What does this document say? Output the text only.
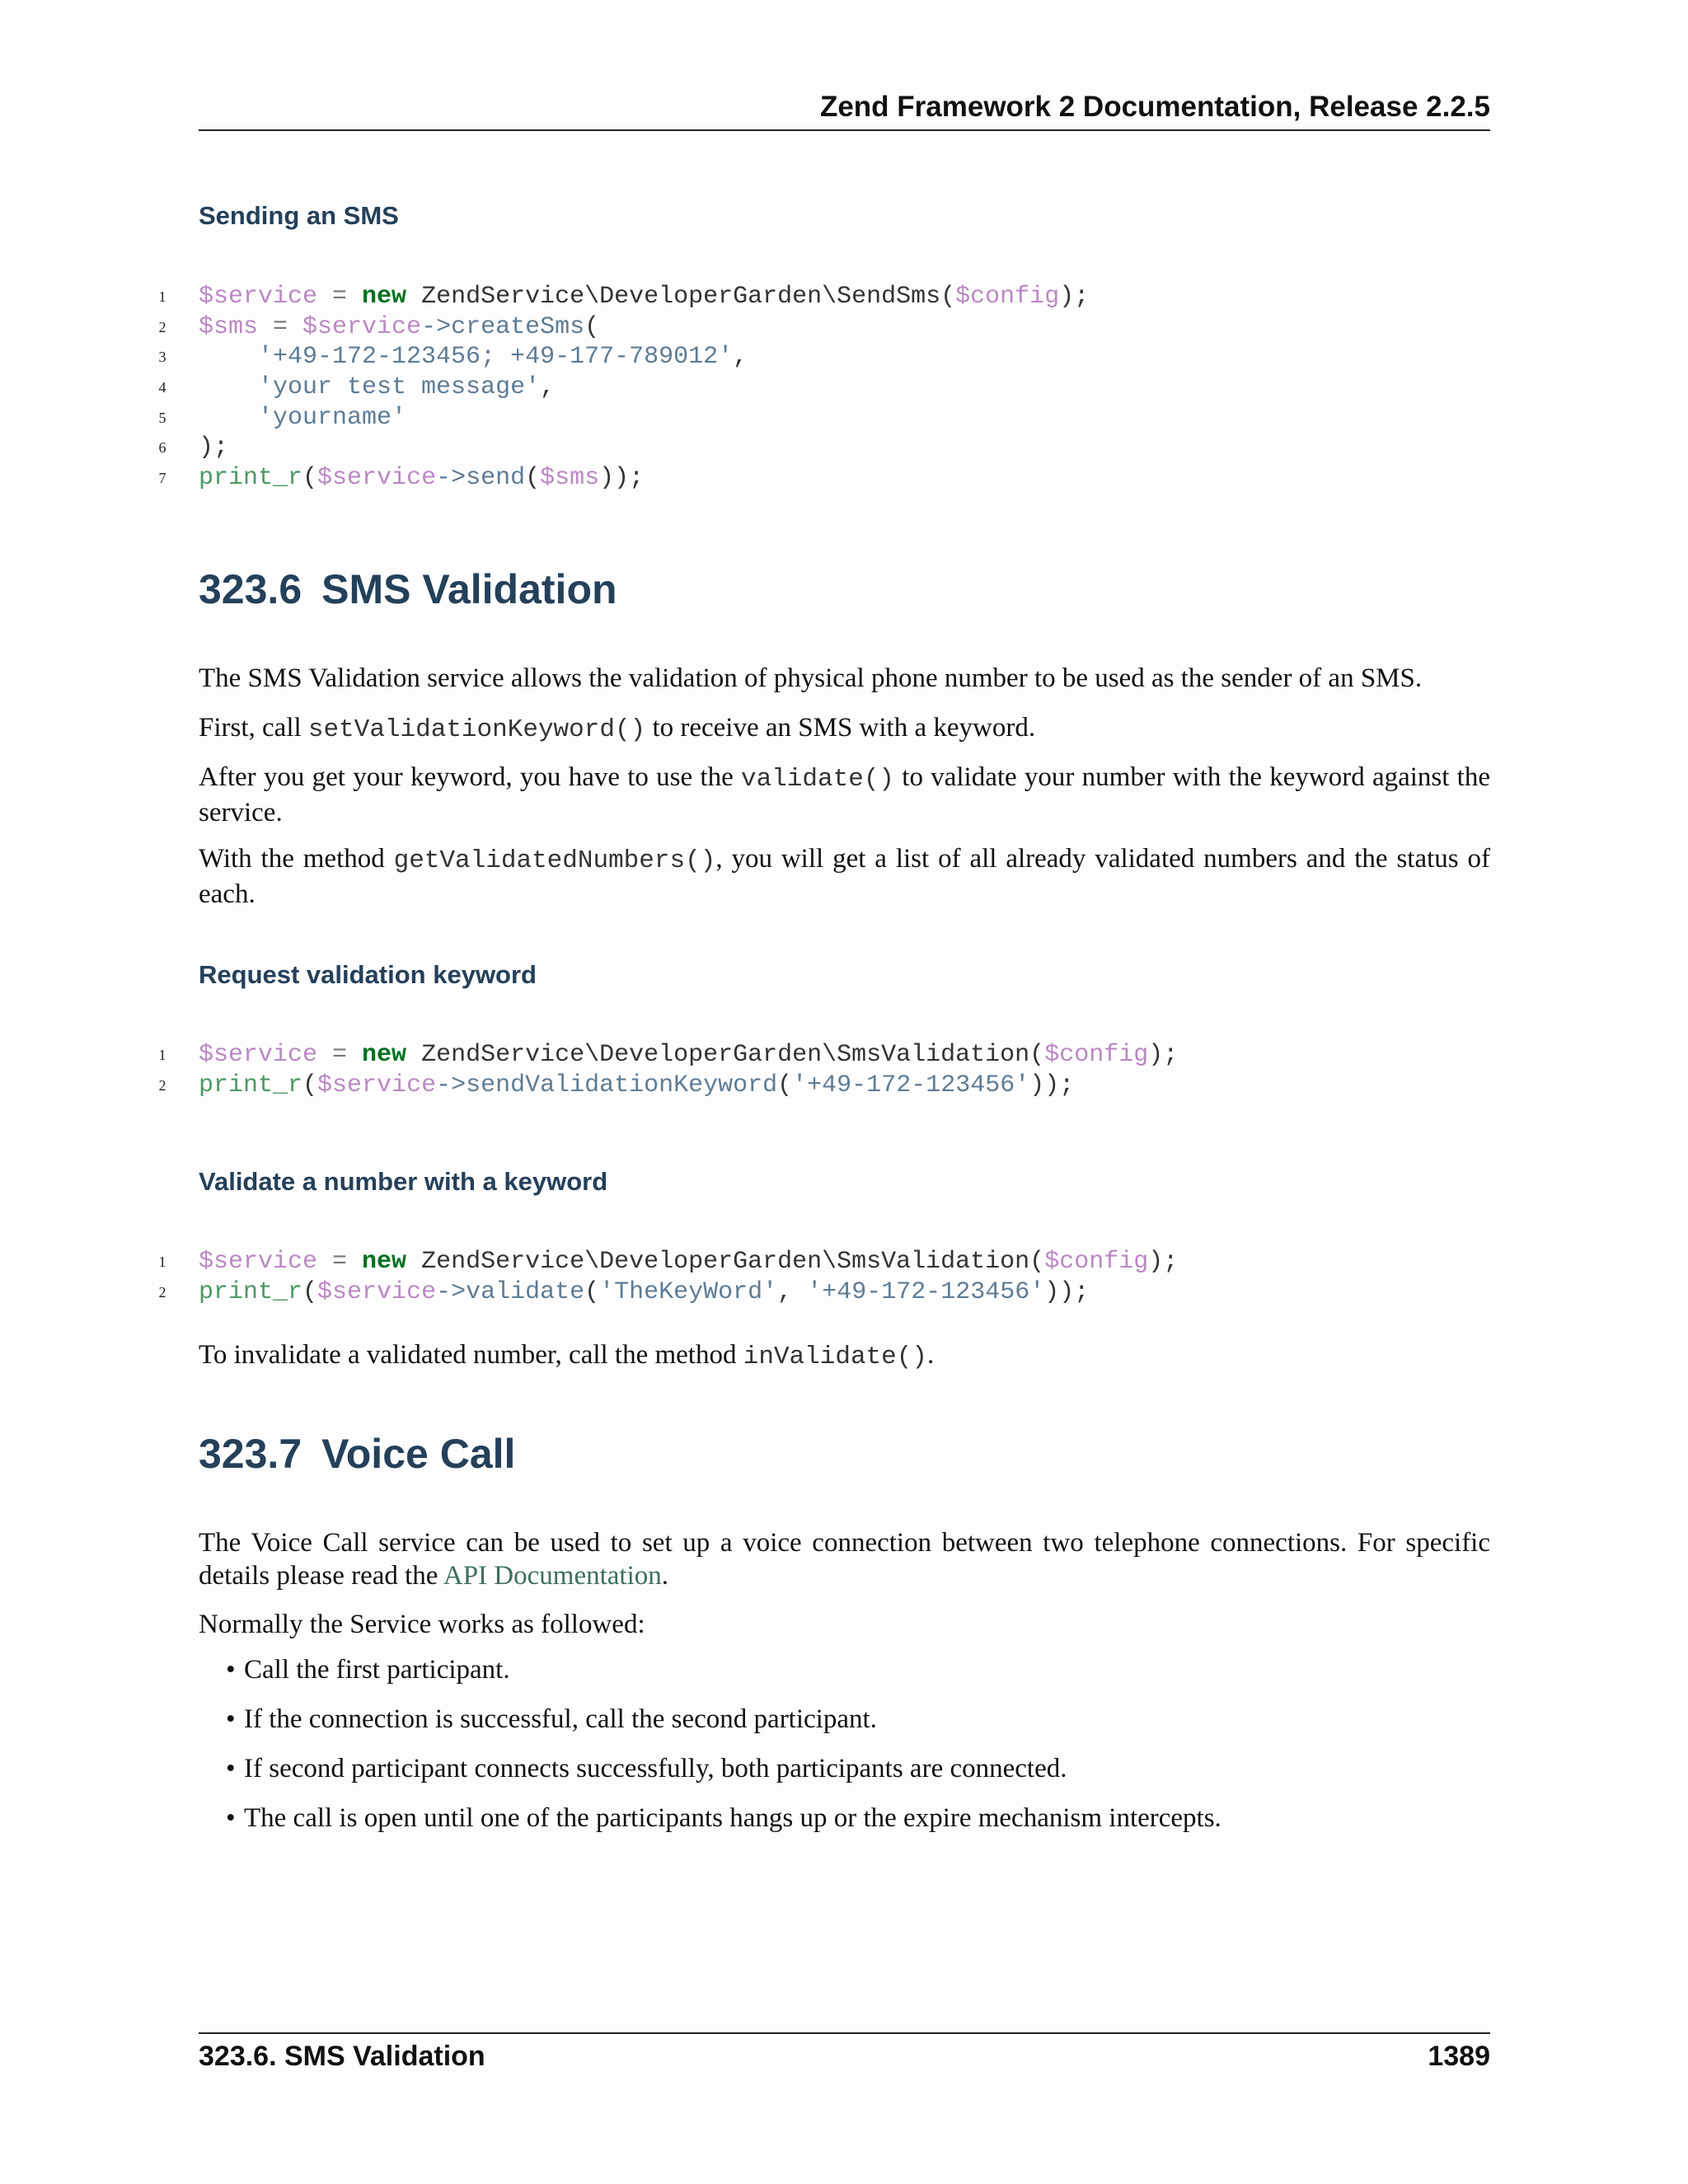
Zend Framework 2 Documentation, Release 2.2.5
Sending an SMS
1 $service = new ZendService\DeveloperGarden\SendSms($config);
2 $sms = $service->createSms(
3	'+49-172-123456; +49-177-789012',
4	'your test message',
5	'yourname'
6 );
7 print_r($service->send($sms));
323.6 SMS Validation
The SMS Validation service allows the validation of physical phone number to be used as the sender of an SMS.
First, call setValidationKeyword() to receive an SMS with a keyword.
After you get your keyword, you have to use the validate() to validate your number with the keyword against the service.
With the method getValidatedNumbers(), you will get a list of all already validated numbers and the status of each.
Request validation keyword
1 $service = new ZendService\DeveloperGarden\SmsValidation($config);
2 print_r($service->sendValidationKeyword('+49-172-123456'));
Validate a number with a keyword
1 $service = new ZendService\DeveloperGarden\SmsValidation($config);
2 print_r($service->validate('TheKeyWord', '+49-172-123456'));
To invalidate a validated number, call the method inValidate().
323.7 Voice Call
The Voice Call service can be used to set up a voice connection between two telephone connections. For specific details please read the API Documentation.
Normally the Service works as followed:
• Call the first participant.
• If the connection is successful, call the second participant.
• If second participant connects successfully, both participants are connected.
• The call is open until one of the participants hangs up or the expire mechanism intercepts.
323.6. SMS Validation	1389
